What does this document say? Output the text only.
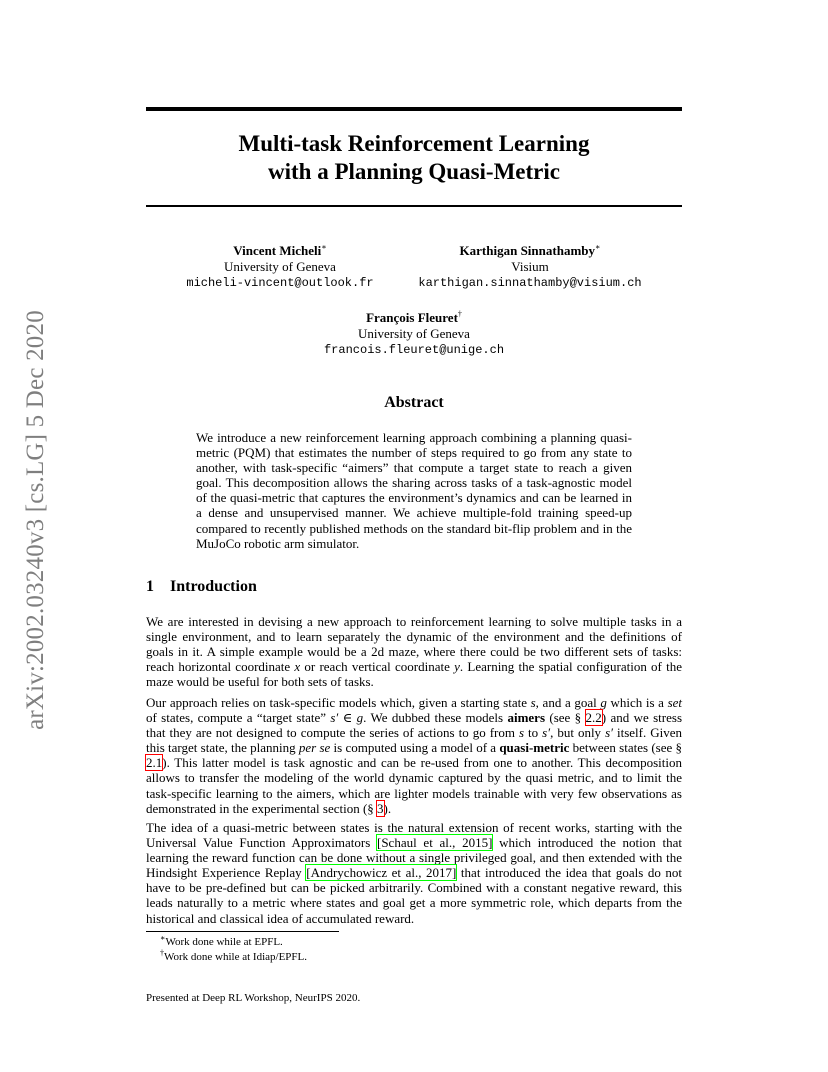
arXiv:2002.03240v3 [cs.LG] 5 Dec 2020
Multi-task Reinforcement Learning
with a Planning Quasi-Metric
Vincent Micheli∗
University of Geneva
micheli-vincent@outlook.fr
Karthigan Sinnathamby∗
Visium
karthigan.sinnathamby@visium.ch
François Fleuret†
University of Geneva
francois.fleuret@unige.ch
Abstract
We introduce a new reinforcement learning approach combining a planning quasi-metric (PQM) that estimates the number of steps required to go from any state to another, with task-specific “aimers” that compute a target state to reach a given goal. This decomposition allows the sharing across tasks of a task-agnostic model of the quasi-metric that captures the environment’s dynamics and can be learned in a dense and unsupervised manner. We achieve multiple-fold training speed-up compared to recently published methods on the standard bit-flip problem and in the MuJoCo robotic arm simulator.
1 Introduction
We are interested in devising a new approach to reinforcement learning to solve multiple tasks in a single environment, and to learn separately the dynamic of the environment and the definitions of goals in it. A simple example would be a 2d maze, where there could be two different sets of tasks: reach horizontal coordinate x or reach vertical coordinate y. Learning the spatial configuration of the maze would be useful for both sets of tasks.
Our approach relies on task-specific models which, given a starting state s, and a goal g which is a set of states, compute a “target state” s′ ∈ g. We dubbed these models aimers (see § 2.2) and we stress that they are not designed to compute the series of actions to go from s to s′, but only s′ itself. Given this target state, the planning per se is computed using a model of a quasi-metric between states (see § 2.1). This latter model is task agnostic and can be re-used from one to another. This decomposition allows to transfer the modeling of the world dynamic captured by the quasi metric, and to limit the task-specific learning to the aimers, which are lighter models trainable with very few observations as demonstrated in the experimental section (§ 3).
The idea of a quasi-metric between states is the natural extension of recent works, starting with the Universal Value Function Approximators [Schaul et al., 2015] which introduced the notion that learning the reward function can be done without a single privileged goal, and then extended with the Hindsight Experience Replay [Andrychowicz et al., 2017] that introduced the idea that goals do not have to be pre-defined but can be picked arbitrarily. Combined with a constant negative reward, this leads naturally to a metric where states and goal get a more symmetric role, which departs from the historical and classical idea of accumulated reward.
∗Work done while at EPFL.
†Work done while at Idiap/EPFL.
Presented at Deep RL Workshop, NeurIPS 2020.
